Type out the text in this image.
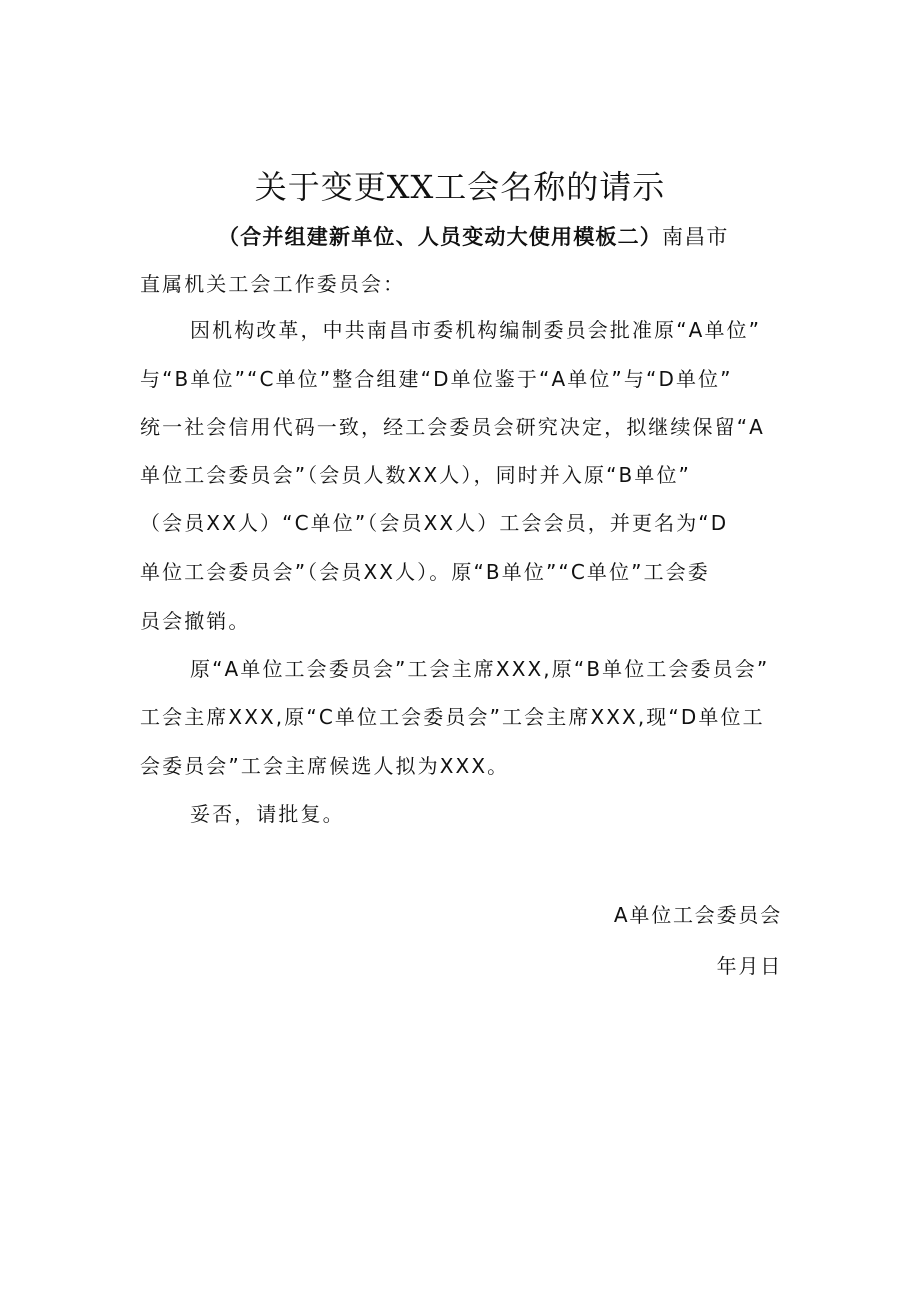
关于变更XX工会名称的请示
（合并组建新单位、人员变动大使用模板二）南昌市
直属机关工会工作委员会：
因机构改革，中共南昌市委机构编制委员会批准原“A单位”
与“B单位”“C单位”整合组建“D单位鉴于“A单位”与“D单位”
统一社会信用代码一致，经工会委员会研究决定，拟继续保留“A
单位工会委员会”（会员人数XX人），同时并入原“B单位”
（会员XX人）“C单位”（会员XX人）工会会员，并更名为“D
单位工会委员会”（会员XX人）。原“B单位”“C单位”工会委
员会撤销。
原“A单位工会委员会”工会主席XXX,原“B单位工会委员会”
工会主席XXX,原“C单位工会委员会”工会主席XXX,现“D单位工
会委员会”工会主席候选人拟为XXX。
妥否，请批复。
A单位工会委员会
年月日
